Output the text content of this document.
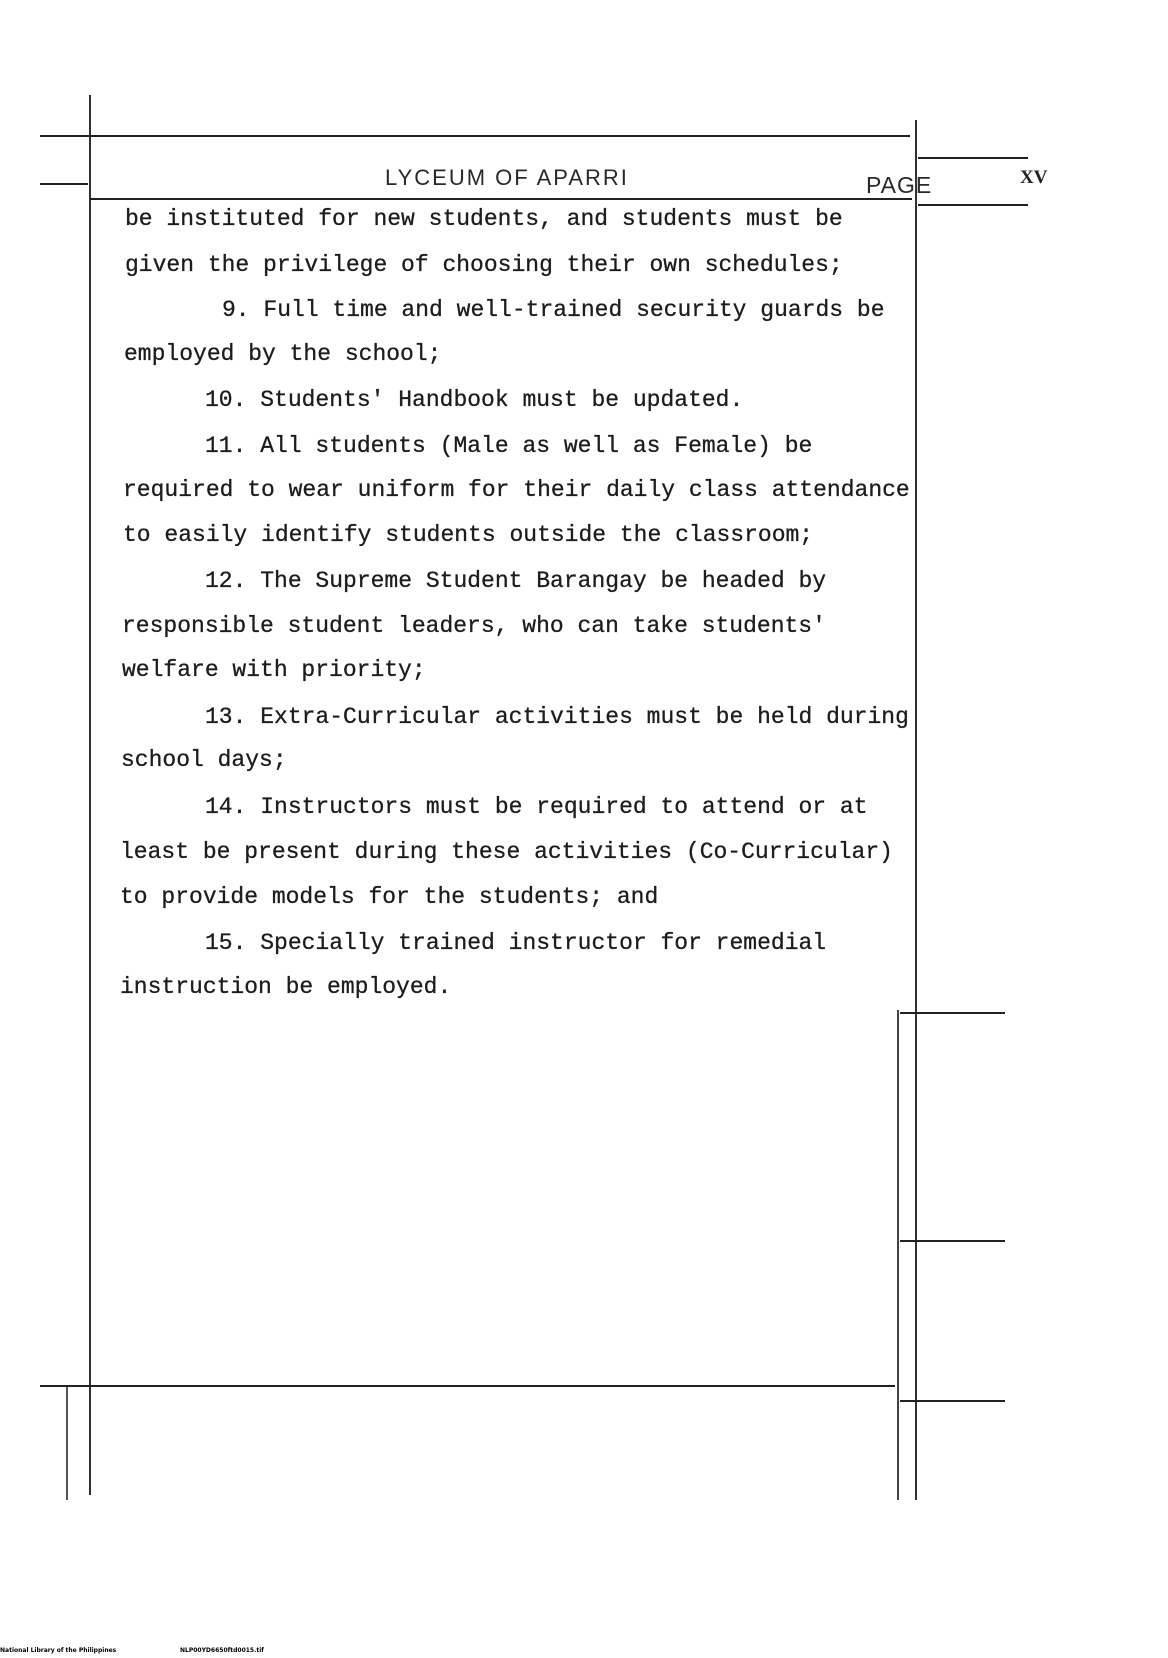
LYCEUM OF APARRI	PAGE	XV
be instituted for new students, and students must be
given the privilege of choosing their own schedules;
9. Full time and well-trained security guards be
employed by the school;
10. Students' Handbook must be updated.
11. All students (Male as well as Female) be
required to wear uniform for their daily class attendance
to easily identify students outside the classroom;
12. The Supreme Student Barangay be headed by
responsible student leaders, who can take students'
welfare with priority;
13. Extra-Curricular activities must be held during
school days;
14. Instructors must be required to attend or at
least be present during these activities (Co-Curricular)
to provide models for the students; and
15. Specially trained instructor for remedial
instruction be employed.
National Library of the Philippines	NLP00YD6650ftd0015.tif
